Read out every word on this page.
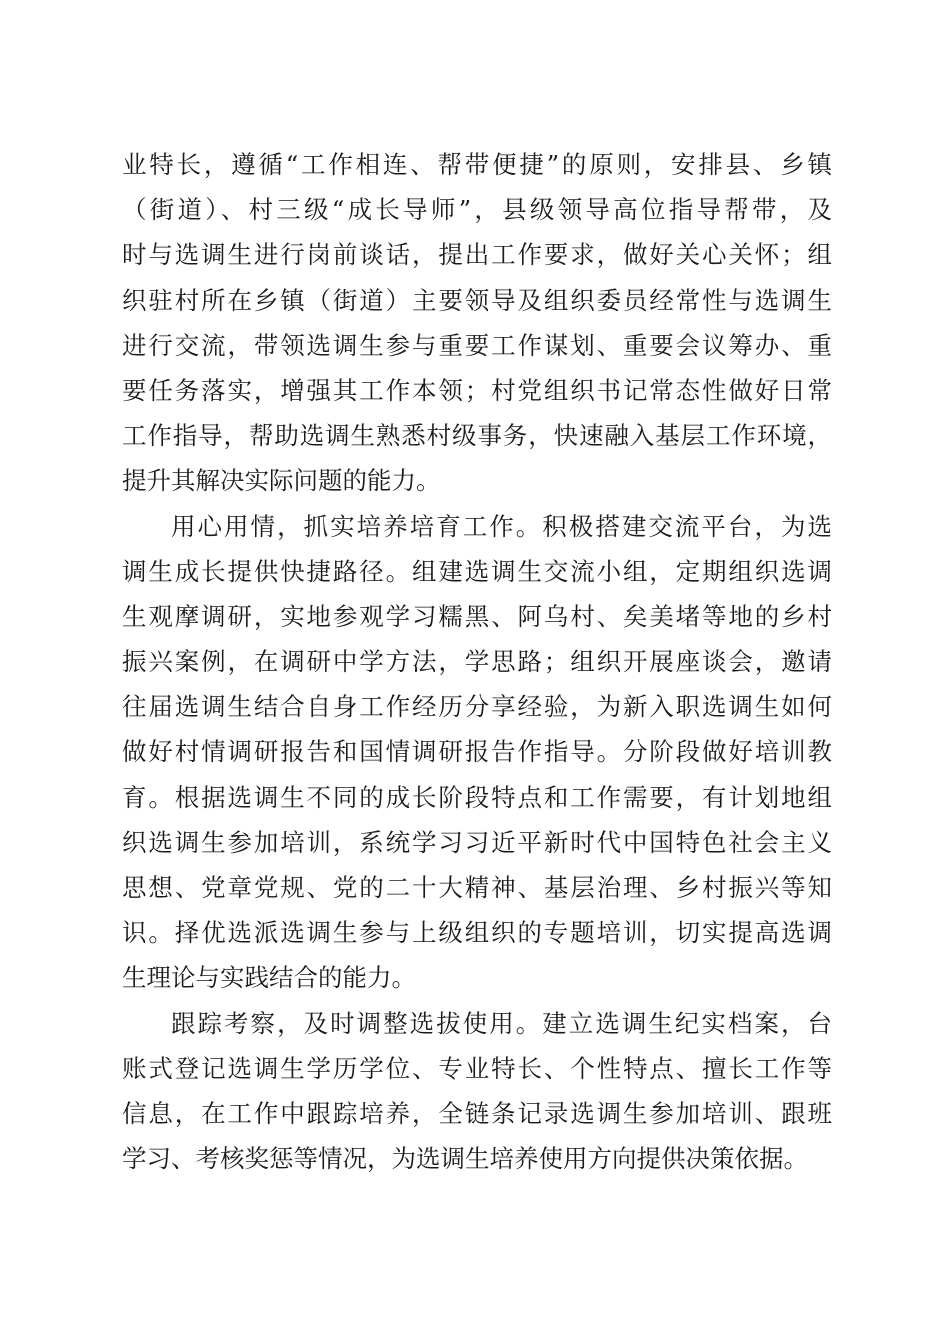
业特长，遵循“工作相连、帮带便捷”的原则，安排县、乡镇
（街道）、村三级“成长导师”，县级领导高位指导帮带，及
时与选调生进行岗前谈话，提出工作要求，做好关心关怀；组
织驻村所在乡镇（街道）主要领导及组织委员经常性与选调生
进行交流，带领选调生参与重要工作谋划、重要会议筹办、重
要任务落实，增强其工作本领；村党组织书记常态性做好日常
工作指导，帮助选调生熟悉村级事务，快速融入基层工作环境，
提升其解决实际问题的能力。
用心用情，抓实培养培育工作。积极搭建交流平台，为选
调生成长提供快捷路径。组建选调生交流小组，定期组织选调
生观摩调研，实地参观学习糯黑、阿乌村、矣美堵等地的乡村
振兴案例，在调研中学方法，学思路；组织开展座谈会，邀请
往届选调生结合自身工作经历分享经验，为新入职选调生如何
做好村情调研报告和国情调研报告作指导。分阶段做好培训教
育。根据选调生不同的成长阶段特点和工作需要，有计划地组
织选调生参加培训，系统学习习近平新时代中国特色社会主义
思想、党章党规、党的二十大精神、基层治理、乡村振兴等知
识。择优选派选调生参与上级组织的专题培训，切实提高选调
生理论与实践结合的能力。
跟踪考察，及时调整选拔使用。建立选调生纪实档案，台
账式登记选调生学历学位、专业特长、个性特点、擅长工作等
信息，在工作中跟踪培养，全链条记录选调生参加培训、跟班
学习、考核奖惩等情况，为选调生培养使用方向提供决策依据。
